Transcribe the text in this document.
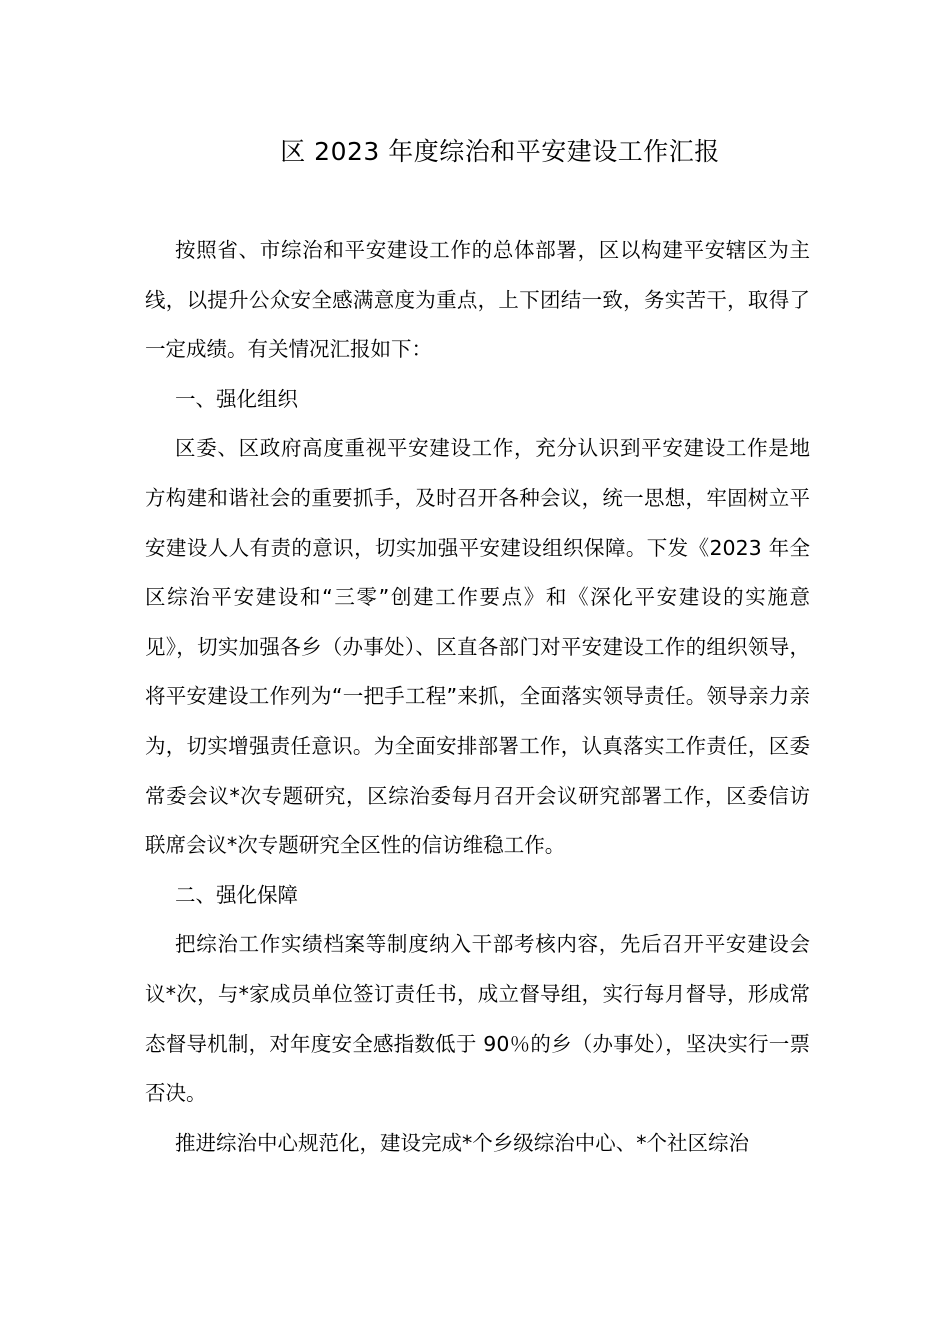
区 2023 年度综治和平安建设工作汇报

按照省、市综治和平安建设工作的总体部署，区以构建平安辖区为主线，以提升公众安全感满意度为重点，上下团结一致，务实苦干，取得了一定成绩。有关情况汇报如下：

一、强化组织

区委、区政府高度重视平安建设工作，充分认识到平安建设工作是地方构建和谐社会的重要抓手，及时召开各种会议，统一思想，牢固树立平安建设人人有责的意识，切实加强平安建设组织保障。下发《2023 年全区综治平安建设和“三零”创建工作要点》和《深化平安建设的实施意见》，切实加强各乡（办事处）、区直各部门对平安建设工作的组织领导，将平安建设工作列为“一把手工程”来抓，全面落实领导责任。领导亲力亲为，切实增强责任意识。为全面安排部署工作，认真落实工作责任，区委常委会议*次专题研究，区综治委每月召开会议研究部署工作，区委信访联席会议*次专题研究全区性的信访维稳工作。

二、强化保障

把综治工作实绩档案等制度纳入干部考核内容，先后召开平安建设会议*次，与*家成员单位签订责任书，成立督导组，实行每月督导，形成常态督导机制，对年度安全感指数低于 90％的乡（办事处），坚决实行一票否决。

推进综治中心规范化，建设完成*个乡级综治中心、*个社区综治
